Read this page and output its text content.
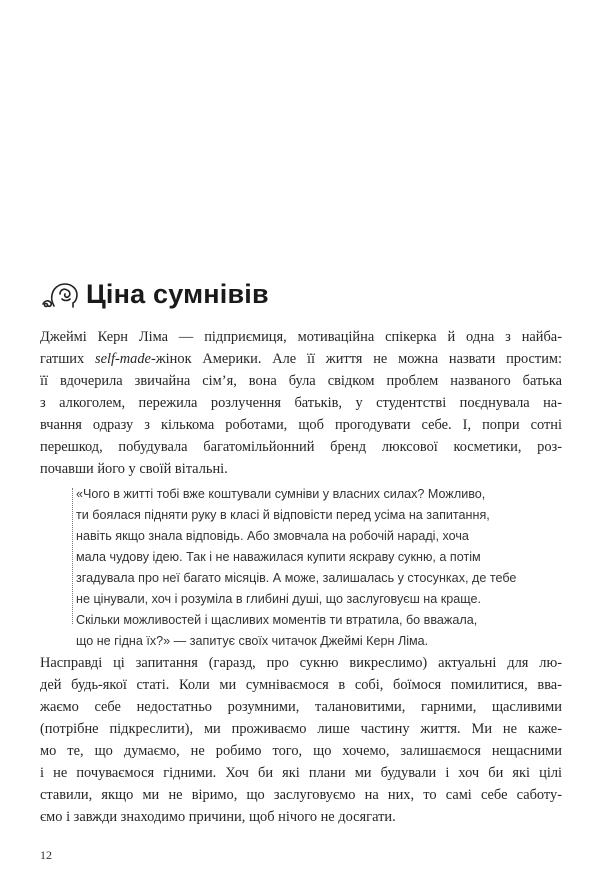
Ціна сумнівів
Джеймі Керн Ліма — підприємиця, мотиваційна спікерка й одна з найба-
гатших self-made-жінок Америки. Але її життя не можна назвати простим:
її вдочерила звичайна сім’я, вона була свідком проблем названого батька
з алкоголем, пережила розлучення батьків, у студентстві поєднувала на-
вчання одразу з кількома роботами, щоб прогодувати себе. І, попри сотні
перешкод, побудувала багатомільйонний бренд люксової косметики, роз-
почавши його у своїй вітальні.
«Чого в житті тобі вже коштували сумніви у власних силах? Можливо,
ти боялася підняти руку в класі й відповісти перед усіма на запитання,
навіть якщо знала відповідь. Або змовчала на робочій нараді, хоча
мала чудову ідею. Так і не наважилася купити яскраву сукню, а потім
згадувала про неї багато місяців. А може, залишалась у стосунках, де тебе
не цінували, хоч і розуміла в глибині душі, що заслуговуєш на краще.
Скільки можливостей і щасливих моментів ти втратила, бо вважала,
що не гідна їх?» — запитує своїх читачок Джеймі Керн Ліма.
Насправді ці запитання (гаразд, про сукню викреслимо) актуальні для лю-
дей будь-якої статі. Коли ми сумніваємося в собі, боїмося помилитися, вва-
жаємо себе недостатньо розумними, талановитими, гарними, щасливими
(потрібне підкреслити), ми проживаємо лише частину життя. Ми не каже-
мо те, що думаємо, не робимо того, що хочемо, залишаємося нещасними
і не почуваємося гідними. Хоч би які плани ми будували і хоч би які цілі
ставили, якщо ми не віримо, що заслуговуємо на них, то самі себе саботу-
ємо і завжди знаходимо причини, щоб нічого не досягати.
12
